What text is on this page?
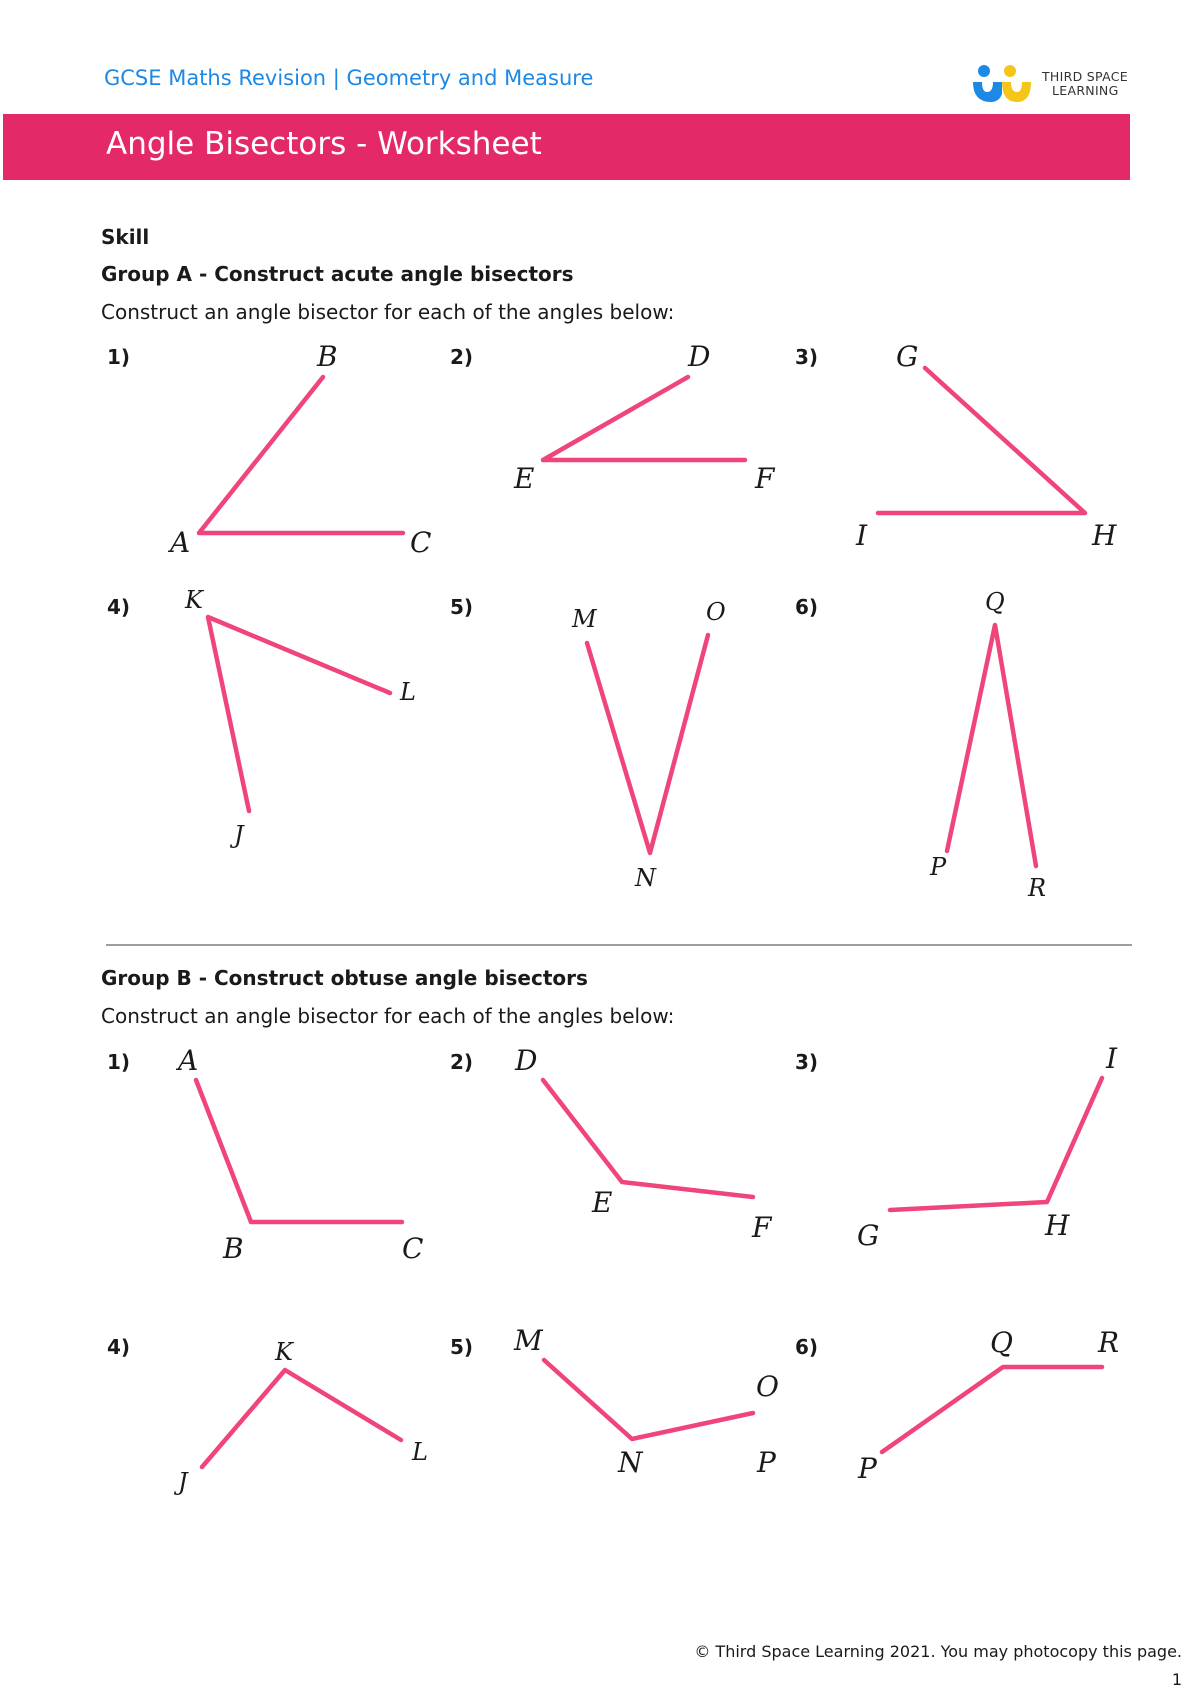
GCSE Maths Revision | Geometry and Measure	THIRD SPACE
LEARNING
Angle Bisectors - Worksheet
Skill
Group A - Construct acute angle bisectors
Construct an angle bisector for each of the angles below:
1)	2)	3)
4)	5)	6)
Group B - Construct obtuse angle bisectors
Construct an angle bisector for each of the angles below:
1)	2)	3)
4)	5)	6)
B
A	C
D
E	F
G
I	H
K
L
J
M	O
N
Q
P
R
A
B	C
D
E
F
I
G	H
K
J
L
M
O
N	P
Q	R
P
© Third Space Learning 2021. You may photocopy this page.
1
